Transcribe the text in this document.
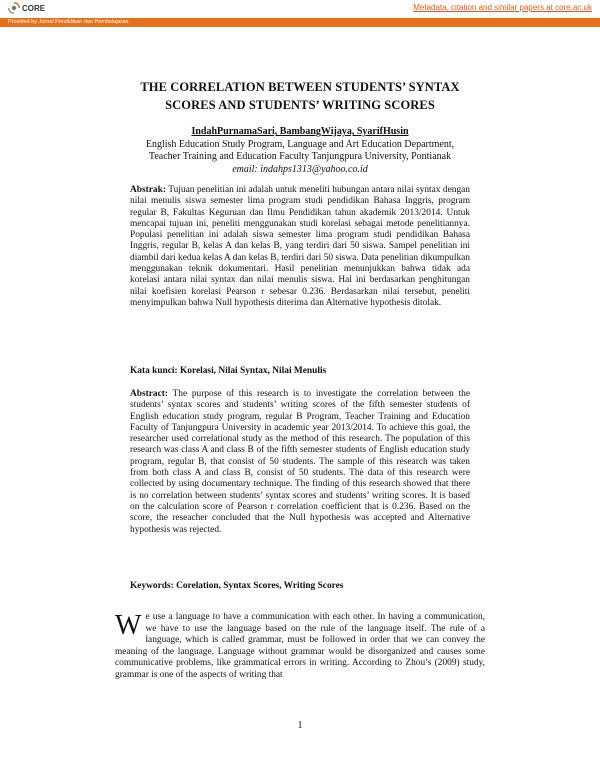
CORE	Metadata, citation and similar papers at core.ac.uk
Provided by Jurnal Pendidikan dan Pembelajaran
THE CORRELATION BETWEEN STUDENTS’ SYNTAX
SCORES AND STUDENTS’ WRITING SCORES
IndahPurnamaSari, BambangWijaya, SyarifHusin
English Education Study Program, Language and Art Education Department,
Teacher Training and Education Faculty Tanjungpura University, Pontianak
email: indahps1313@yahoo.co.id
Abstrak: Tujuan penelitian ini adalah untuk meneliti hubungan antara nilai syntax dengan nilai menulis siswa semester lima program studi pendidikan Bahasa Inggris, program regular B, Fakultas Keguruan dan Ilmu Pendidikan tahun akademik 2013/2014. Untuk mencapai tujuan ini, peneliti menggunakan studi korelasi sebagai metode penelitiannya. Populasi penelitian ini adalah siswa semester lima program studi pendidikan Bahasa Inggris, regular B, kelas A dan kelas B, yang terdiri dari 50 siswa. Sampel penelitian ini diambil dari kedua kelas A dan kelas B, terdiri dari 50 siswa. Data penelitian dikumpulkan menggunakan teknik dokumentari. Hasil penelitian menunjukkan bahwa tidak ada korelasi antara nilai syntax dan nilai menulis siswa. Hal ini berdasarkan penghitungan nilai koefisien korelasi Pearson r sebesar 0.236. Berdasarkan nilai tersebut, peneliti menyimpulkan bahwa Null hypothesis diterima dan Alternative hypothesis ditolak.
Kata kunci: Korelasi, Nilai Syntax, Nilai Menulis
Abstract: The purpose of this research is to investigate the correlation between the students’ syntax scores and students’ writing scores of the fifth semester students of English education study program, regular B Program, Teacher Training and Education Faculty of Tanjungpura University in academic year 2013/2014. To achieve this goal, the researcher used correlational study as the method of this research. The population of this research was class A and class B of the fifth semester students of English education study program, regular B, that consist of 50 students. The sample of this research was taken from both class A and class B, consist of 50 students. The data of this research were collected by using documentary technique. The finding of this research showed that there is no correlation between students’ syntax scores and students’ writing scores. It is based on the calculation score of Pearson r correlation coefficient that is 0.236. Based on the score, the reseacher concluded that the Null hypothesis was accepted and Alternative hypothesis was rejected.
Keywords: Corelation, Syntax Scores, Writing Scores
W e use a language to have a communication with each other. In having a communication, we have to use the language based on the rule of the language itself. The rule of a language, which is called grammar, must be followed in order that we can convey the meaning of the language. Language without grammar would be disorganized and causes some communicative problems, like grammatical errors in writing. According to Zhou’s (2009) study, grammar is one of the aspects of writing that
1
